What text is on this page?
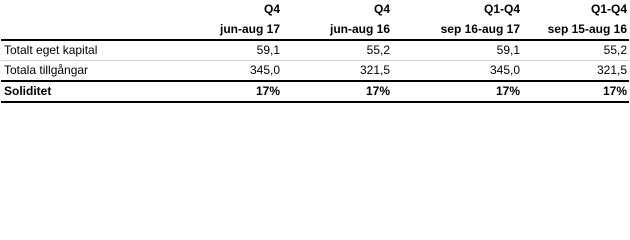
	Q4	Q4	Q1-Q4	Q1-Q4
	jun-aug 17	jun-aug 16	sep 16-aug 17	sep 15-aug 16
Totalt eget kapital	59,1	55,2	59,1	55,2
Totala tillgångar	345,0	321,5	345,0	321,5
Soliditet	17%	17%	17%	17%
